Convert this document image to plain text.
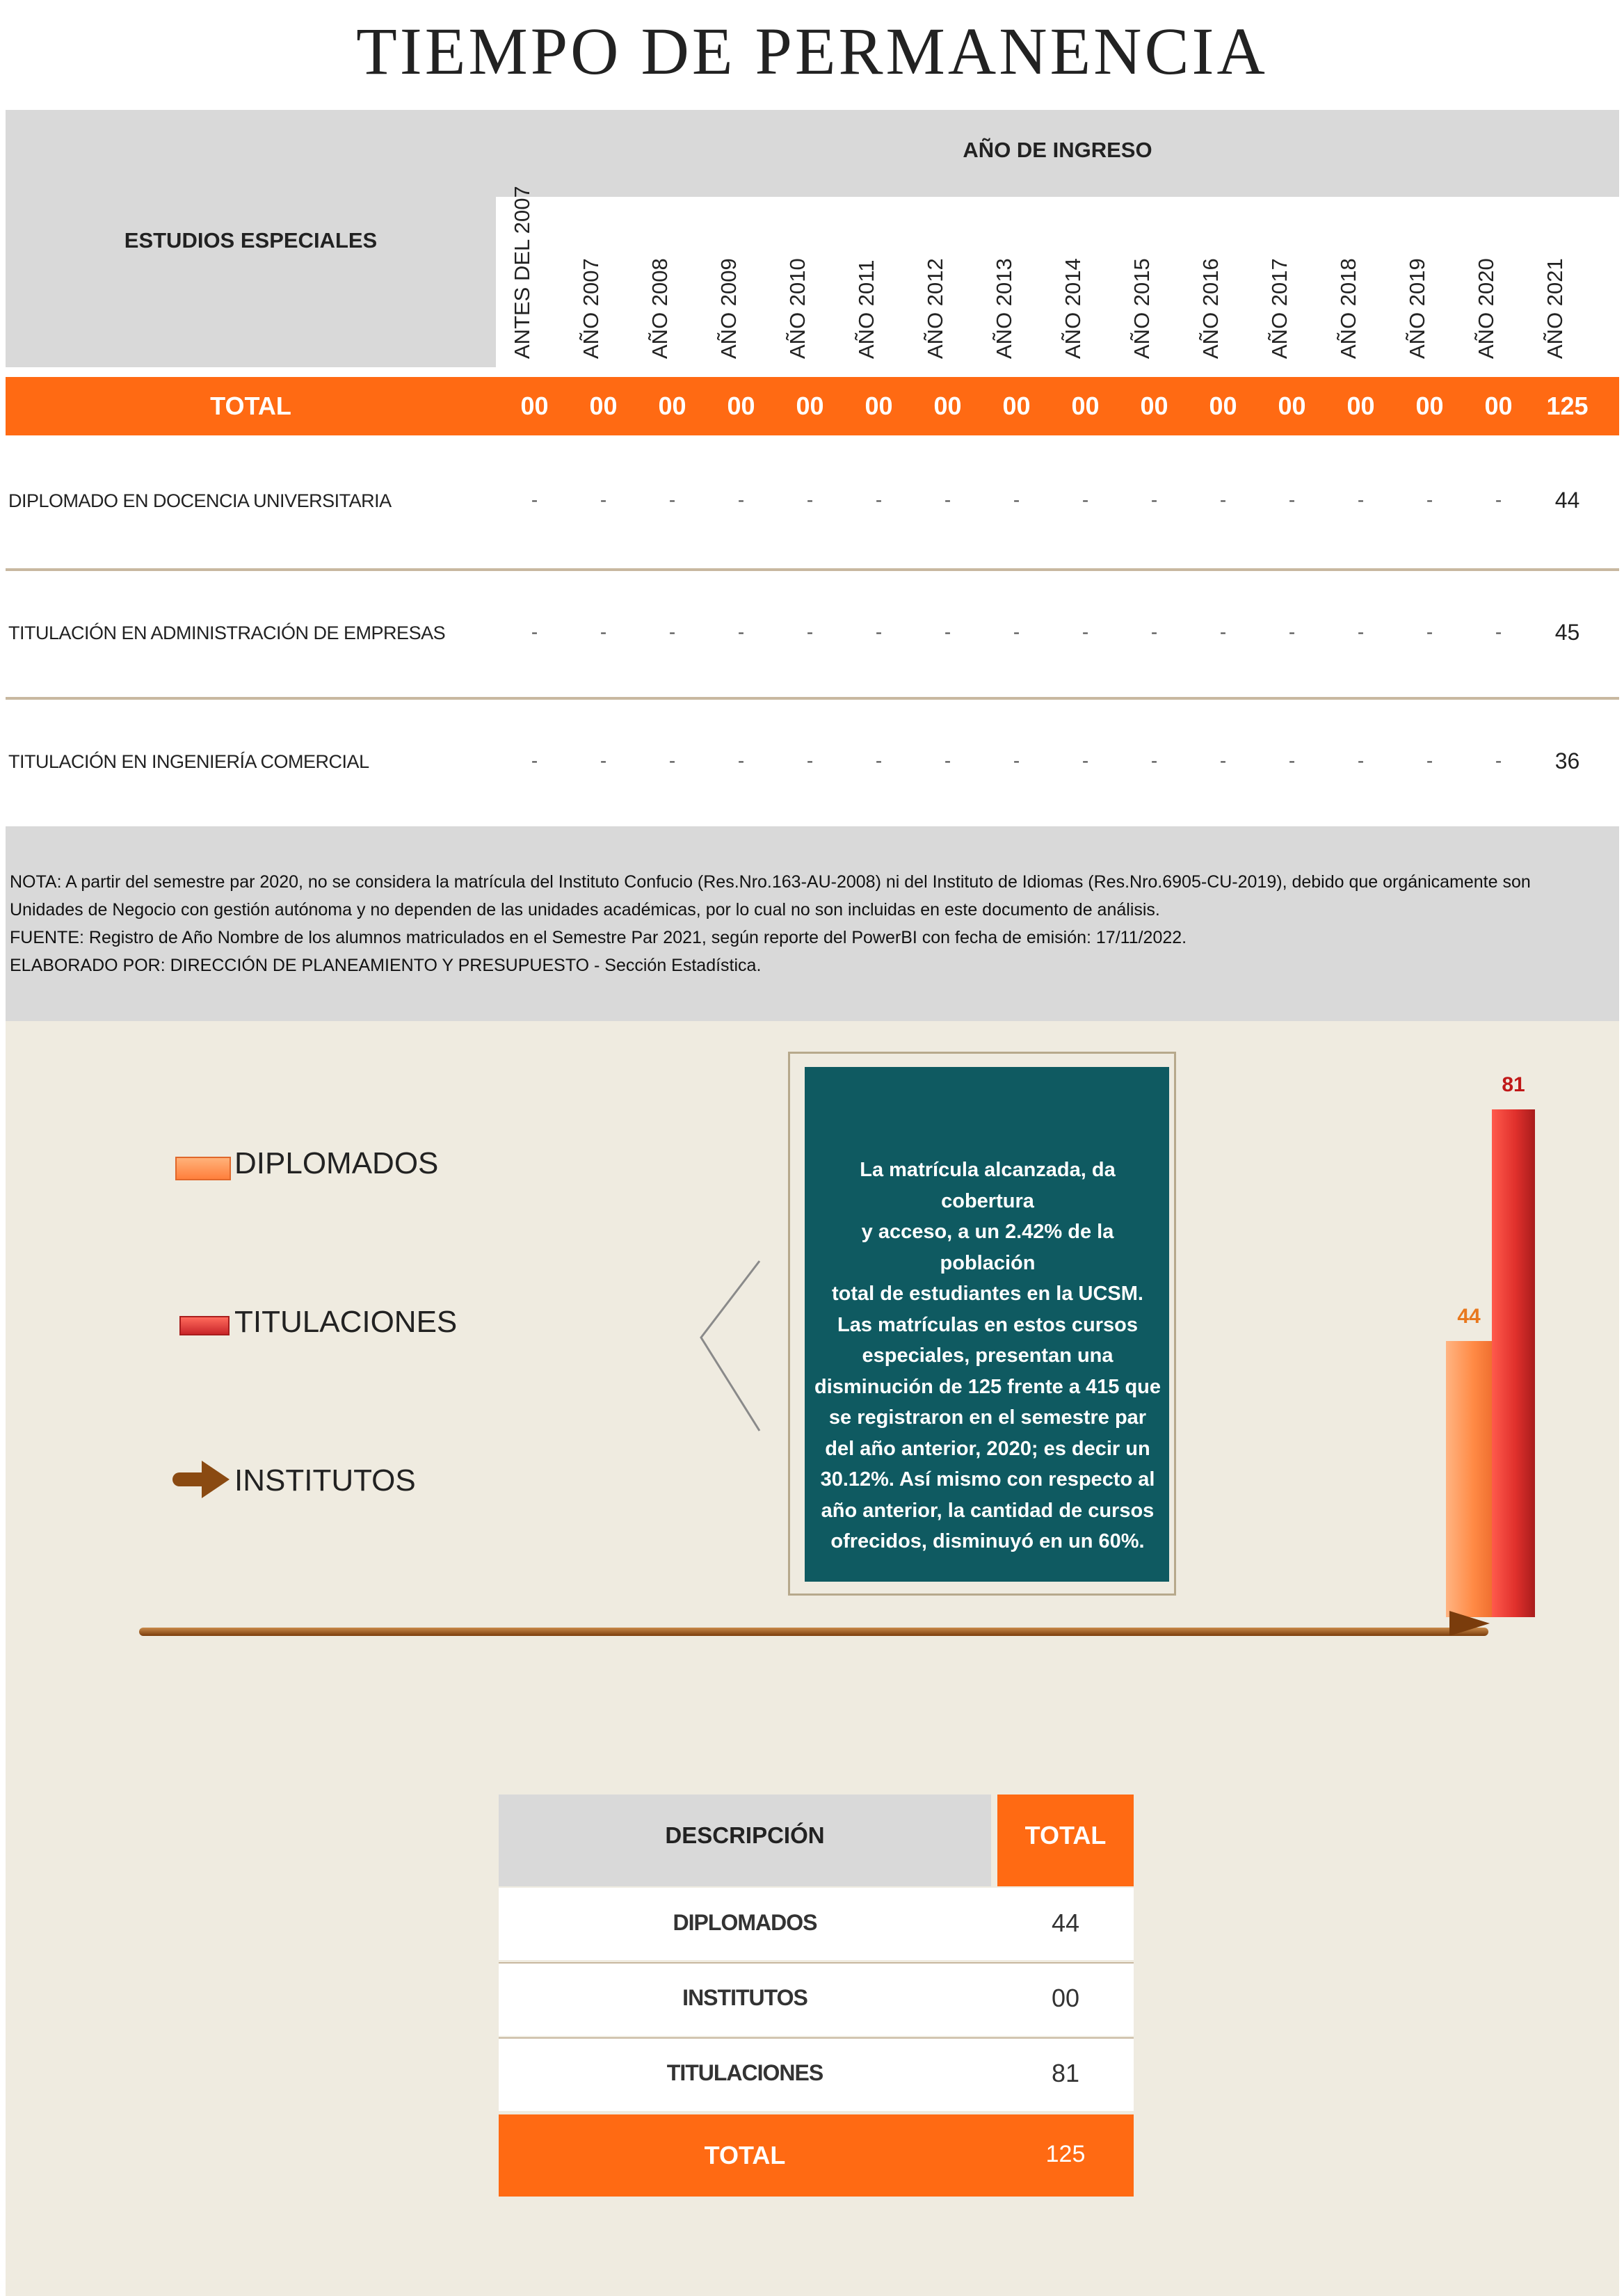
TIEMPO DE PERMANENCIA
ESTUDIOS ESPECIALES
AÑO DE INGRESO
ANTES DEL 2007 AÑO 2007 AÑO 2008 AÑO 2009 AÑO 2010 AÑO 2011 AÑO 2012 AÑO 2013 AÑO 2014 AÑO 2015 AÑO 2016 AÑO 2017 AÑO 2018 AÑO 2019 AÑO 2020 AÑO 2021
TOTAL	00	00	00	00	00	00	00	00	00	00	00	00	00	00	00	125
DIPLOMADO EN DOCENCIA UNIVERSITARIA	-	-	-	-	-	-	-	-	-	-	-	-	-	-	-	44
TITULACIÓN EN ADMINISTRACIÓN DE EMPRESAS	-	-	-	-	-	-	-	-	-	-	-	-	-	-	-	45
TITULACIÓN EN INGENIERÍA COMERCIAL	-	-	-	-	-	-	-	-	-	-	-	-	-	-	-	36
NOTA: A partir del semestre par 2020, no se considera la matrícula del Instituto Confucio (Res.Nro.163-AU-2008) ni del Instituto de Idiomas (Res.Nro.6905-CU-2019), debido que orgánicamente son
Unidades de Negocio con gestión autónoma y no dependen de las unidades académicas, por lo cual no son incluidas en este documento de análisis.
FUENTE: Registro de Año Nombre de los alumnos matriculados en el Semestre Par 2021, según reporte del PowerBI con fecha de emisión: 17/11/2022.
ELABORADO POR: DIRECCIÓN DE PLANEAMIENTO Y PRESUPUESTO - Sección Estadística.
DIPLOMADOS
TITULACIONES
INSTITUTOS
La matrícula alcanzada, da cobertura
y acceso, a un 2.42% de la población
total de estudiantes en la UCSM.
Las matrículas en estos cursos
especiales, presentan una
disminución de 125 frente a 415 que
se registraron en el semestre par
del año anterior, 2020; es decir un
30.12%. Así mismo con respecto al
año anterior, la cantidad de cursos
ofrecidos, disminuyó en un 60%.
44
81
DESCRIPCIÓN	TOTAL
DIPLOMADOS	44
INSTITUTOS	00
TITULACIONES	81
TOTAL	125
